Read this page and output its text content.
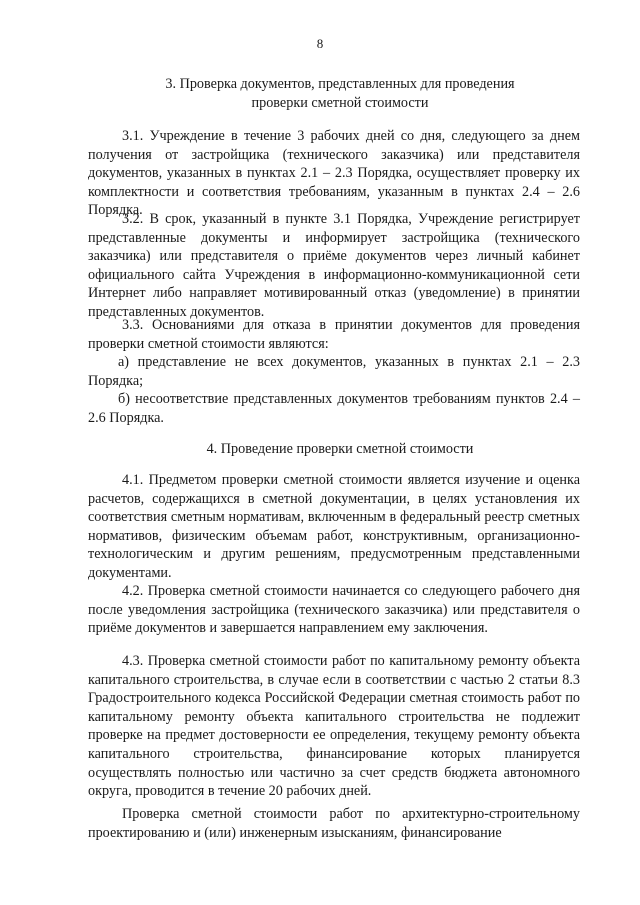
8
3. Проверка документов, представленных для проведения
проверки сметной стоимости

3.1. Учреждение в течение 3 рабочих дней со дня, следующего за днем получения от застройщика (технического заказчика) или представителя документов, указанных в пунктах 2.1 – 2.3 Порядка, осуществляет проверку их комплектности и соответствия требованиям, указанным в пунктах 2.4 – 2.6 Порядка.

3.2. В срок, указанный в пункте 3.1 Порядка, Учреждение регистрирует представленные документы и информирует застройщика (технического заказчика) или представителя о приёме документов через личный кабинет официального сайта Учреждения в информационно-коммуникационной сети Интернет либо направляет мотивированный отказ (уведомление) в принятии представленных документов.

3.3. Основаниями для отказа в принятии документов для проведения проверки сметной стоимости являются:

а) представление не всех документов, указанных в пунктах 2.1 – 2.3 Порядка;

б) несоответствие представленных документов требованиям пунктов 2.4 – 2.6 Порядка.

4. Проведение проверки сметной стоимости

4.1. Предметом проверки сметной стоимости является изучение и оценка расчетов, содержащихся в сметной документации, в целях установления их соответствия сметным нормативам, включенным в федеральный реестр сметных нормативов, физическим объемам работ, конструктивным, организационно-технологическим и другим решениям, предусмотренным представленными документами.

4.2. Проверка сметной стоимости начинается со следующего рабочего дня после уведомления застройщика (технического заказчика) или представителя о приёме документов и завершается направлением ему заключения.

4.3. Проверка сметной стоимости работ по капитальному ремонту объекта капитального строительства, в случае если в соответствии с частью 2 статьи 8.3 Градостроительного кодекса Российской Федерации сметная стоимость работ по капитальному ремонту объекта капитального строительства не подлежит проверке на предмет достоверности ее определения, текущему ремонту объекта капитального строительства, финансирование которых планируется осуществлять полностью или частично за счет средств бюджета автономного округа, проводится в течение 20 рабочих дней.

Проверка сметной стоимости работ по архитектурно-строительному проектированию и (или) инженерным изысканиям, финансирование
